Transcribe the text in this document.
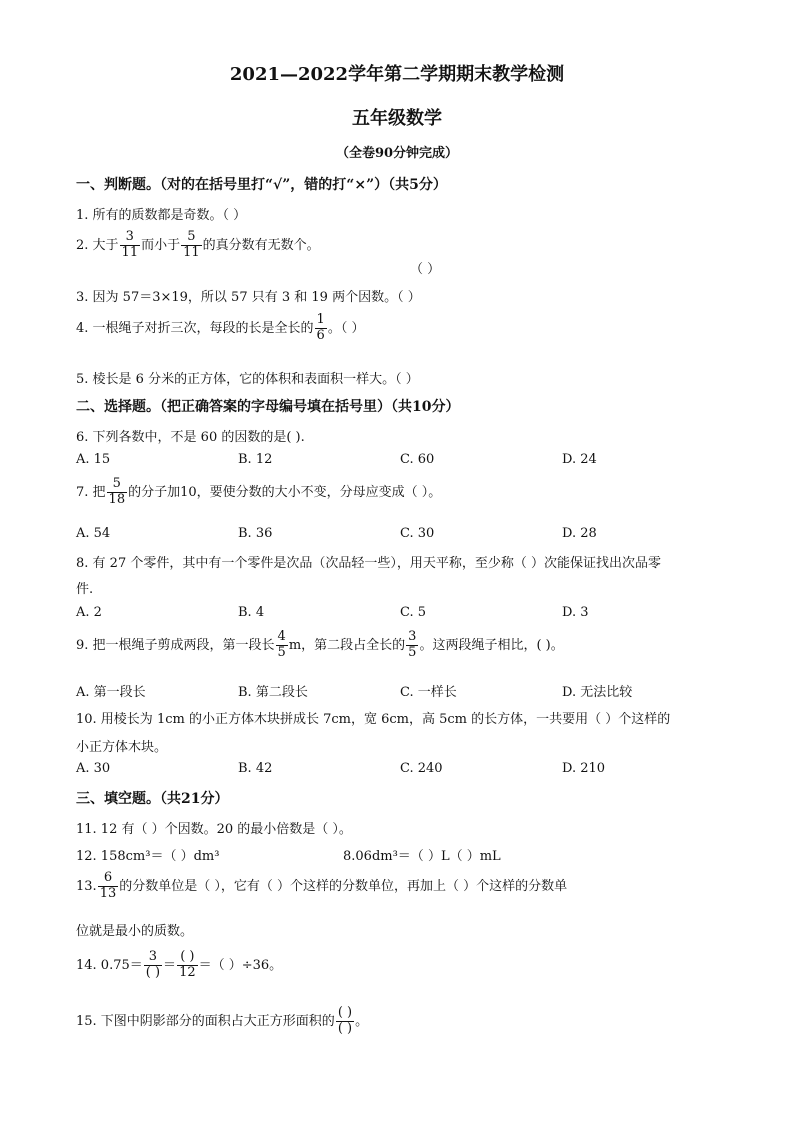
2021—2022学年第二学期期末教学检测
五年级数学
（全卷90分钟完成）
一、判断题。（对的在括号里打“√”，错的打“×”）（共5分）
1. 所有的质数都是奇数。（ ）
2. 大于 $\frac{3}{11}$ 而小于 $\frac{5}{11}$ 的真分数有无数个。
（ ）
3. 因为 57＝3×19，所以 57 只有 3 和 19 两个因数。（ ）
4. 一根绳子对折三次，每段的长是全长的 $\frac{1}{6}$ 。（ ）
5. 棱长是 6 分米的正方体，它的体积和表面积一样大。（ ）
二、选择题。（把正确答案的字母编号填在括号里）（共10分）
6. 下列各数中，不是 60 的因数的是( ).
A. 15	B. 12	C. 60	D. 24
7. 把 $\frac{5}{18}$ 的分子加10，要使分数的大小不变，分母应变成（ ）。
A. 54	B. 36	C. 30	D. 28
8. 有 27 个零件，其中有一个零件是次品（次品轻一些），用天平称，至少称（ ）次能保证找出次品零
件.
A. 2	B. 4	C. 5	D. 3
9. 把一根绳子剪成两段，第一段长 $\frac{4}{5}$ m，第二段占全长的 $\frac{3}{5}$ 。这两段绳子相比，( )。
A. 第一段长	B. 第二段长	C. 一样长	D. 无法比较
10. 用棱长为 1cm 的小正方体木块拼成长 7cm，宽 6cm，高 5cm 的长方体，一共要用（ ）个这样的
小正方体木块。
A. 30	B. 42	C. 240	D. 210
三、填空题。（共21分）
11. 12 有（ ）个因数。20 的最小倍数是（ ）。
12. 158cm³＝（ ）dm³	8.06dm³＝（ ）L（ ）mL
13. $\frac{6}{13}$ 的分数单位是（ ），它有（ ）个这样的分数单位，再加上（ ）个这样的分数单
位就是最小的质数。
14. $0.75= \frac{3}{( )} = \frac{( )}{12}$ ＝（ ）÷36。
15. 下图中阴影部分的面积占大正方形面积的 $\frac{( )}{( )}$ 。
